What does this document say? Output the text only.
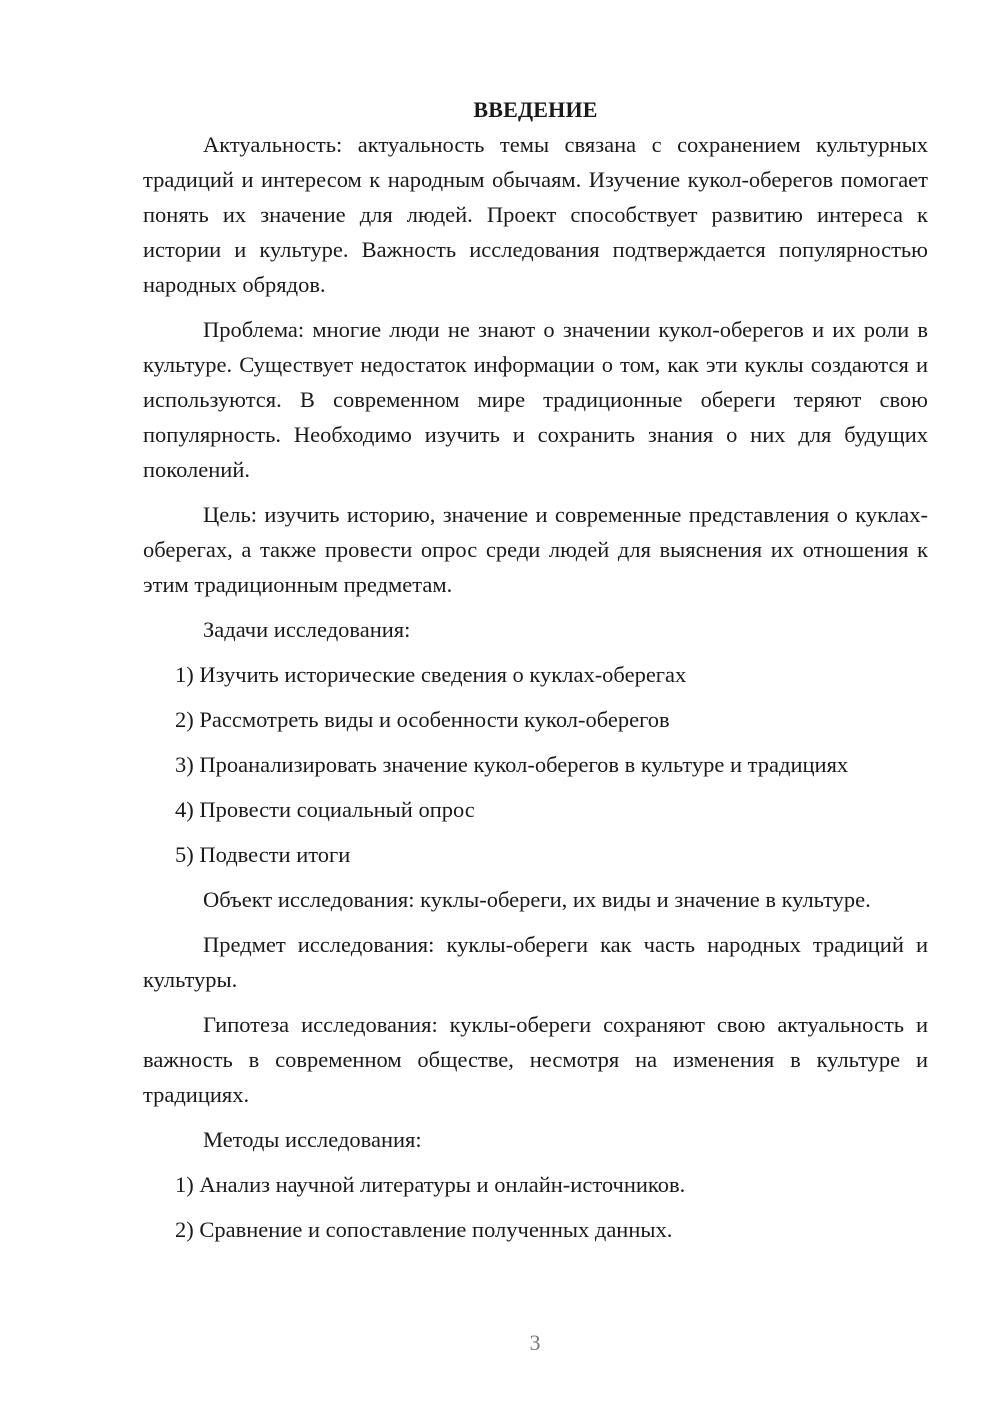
ВВЕДЕНИЕ

Актуальность: актуальность темы связана с сохранением культурных традиций и интересом к народным обычаям. Изучение кукол-оберегов помогает понять их значение для людей. Проект способствует развитию интереса к истории и культуре. Важность исследования подтверждается популярностью народных обрядов.

Проблема: многие люди не знают о значении кукол-оберегов и их роли в культуре. Существует недостаток информации о том, как эти куклы создаются и используются. В современном мире традиционные обереги теряют свою популярность. Необходимо изучить и сохранить знания о них для будущих поколений.

Цель: изучить историю, значение и современные представления о куклах-оберегах, а также провести опрос среди людей для выяснения их отношения к этим традиционным предметам.

Задачи исследования:

1) Изучить исторические сведения о куклах-оберегах
2) Рассмотреть виды и особенности кукол-оберегов
3) Проанализировать значение кукол-оберегов в культуре и традициях
4) Провести социальный опрос
5) Подвести итоги

Объект исследования: куклы-обереги, их виды и значение в культуре.

Предмет исследования: куклы-обереги как часть народных традиций и культуры.

Гипотеза исследования: куклы-обереги сохраняют свою актуальность и важность в современном обществе, несмотря на изменения в культуре и традициях.

Методы исследования:

1) Анализ научной литературы и онлайн-источников.
2) Сравнение и сопоставление полученных данных.
3
